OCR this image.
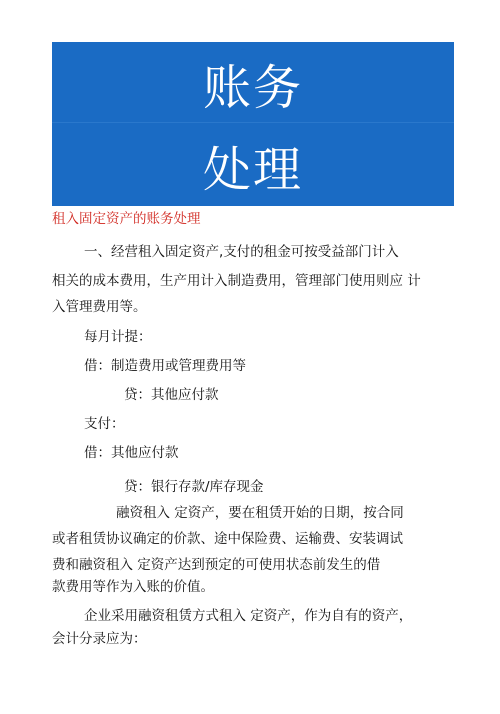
账务
处理
租入固定资产的账务处理
一、经营租入固定资产,支付的租金可按受益部门计入
相关的成本费用，生产用计入制造费用，管理部门使用则应 计
入管理费用等。
每月计提：
借：制造费用或管理费用等
贷：其他应付款
支付：
借：其他应付款
贷：银行存款/库存现金
融资租入 定资产，要在租赁开始的日期，按合同
或者租赁协议确定的价款、途中保险费、运输费、安装调试
费和融资租入 定资产达到预定的可使用状态前发生的借
款费用等作为入账的价值。
企业采用融资租赁方式租入 定资产，作为自有的资产，
会计分录应为：
